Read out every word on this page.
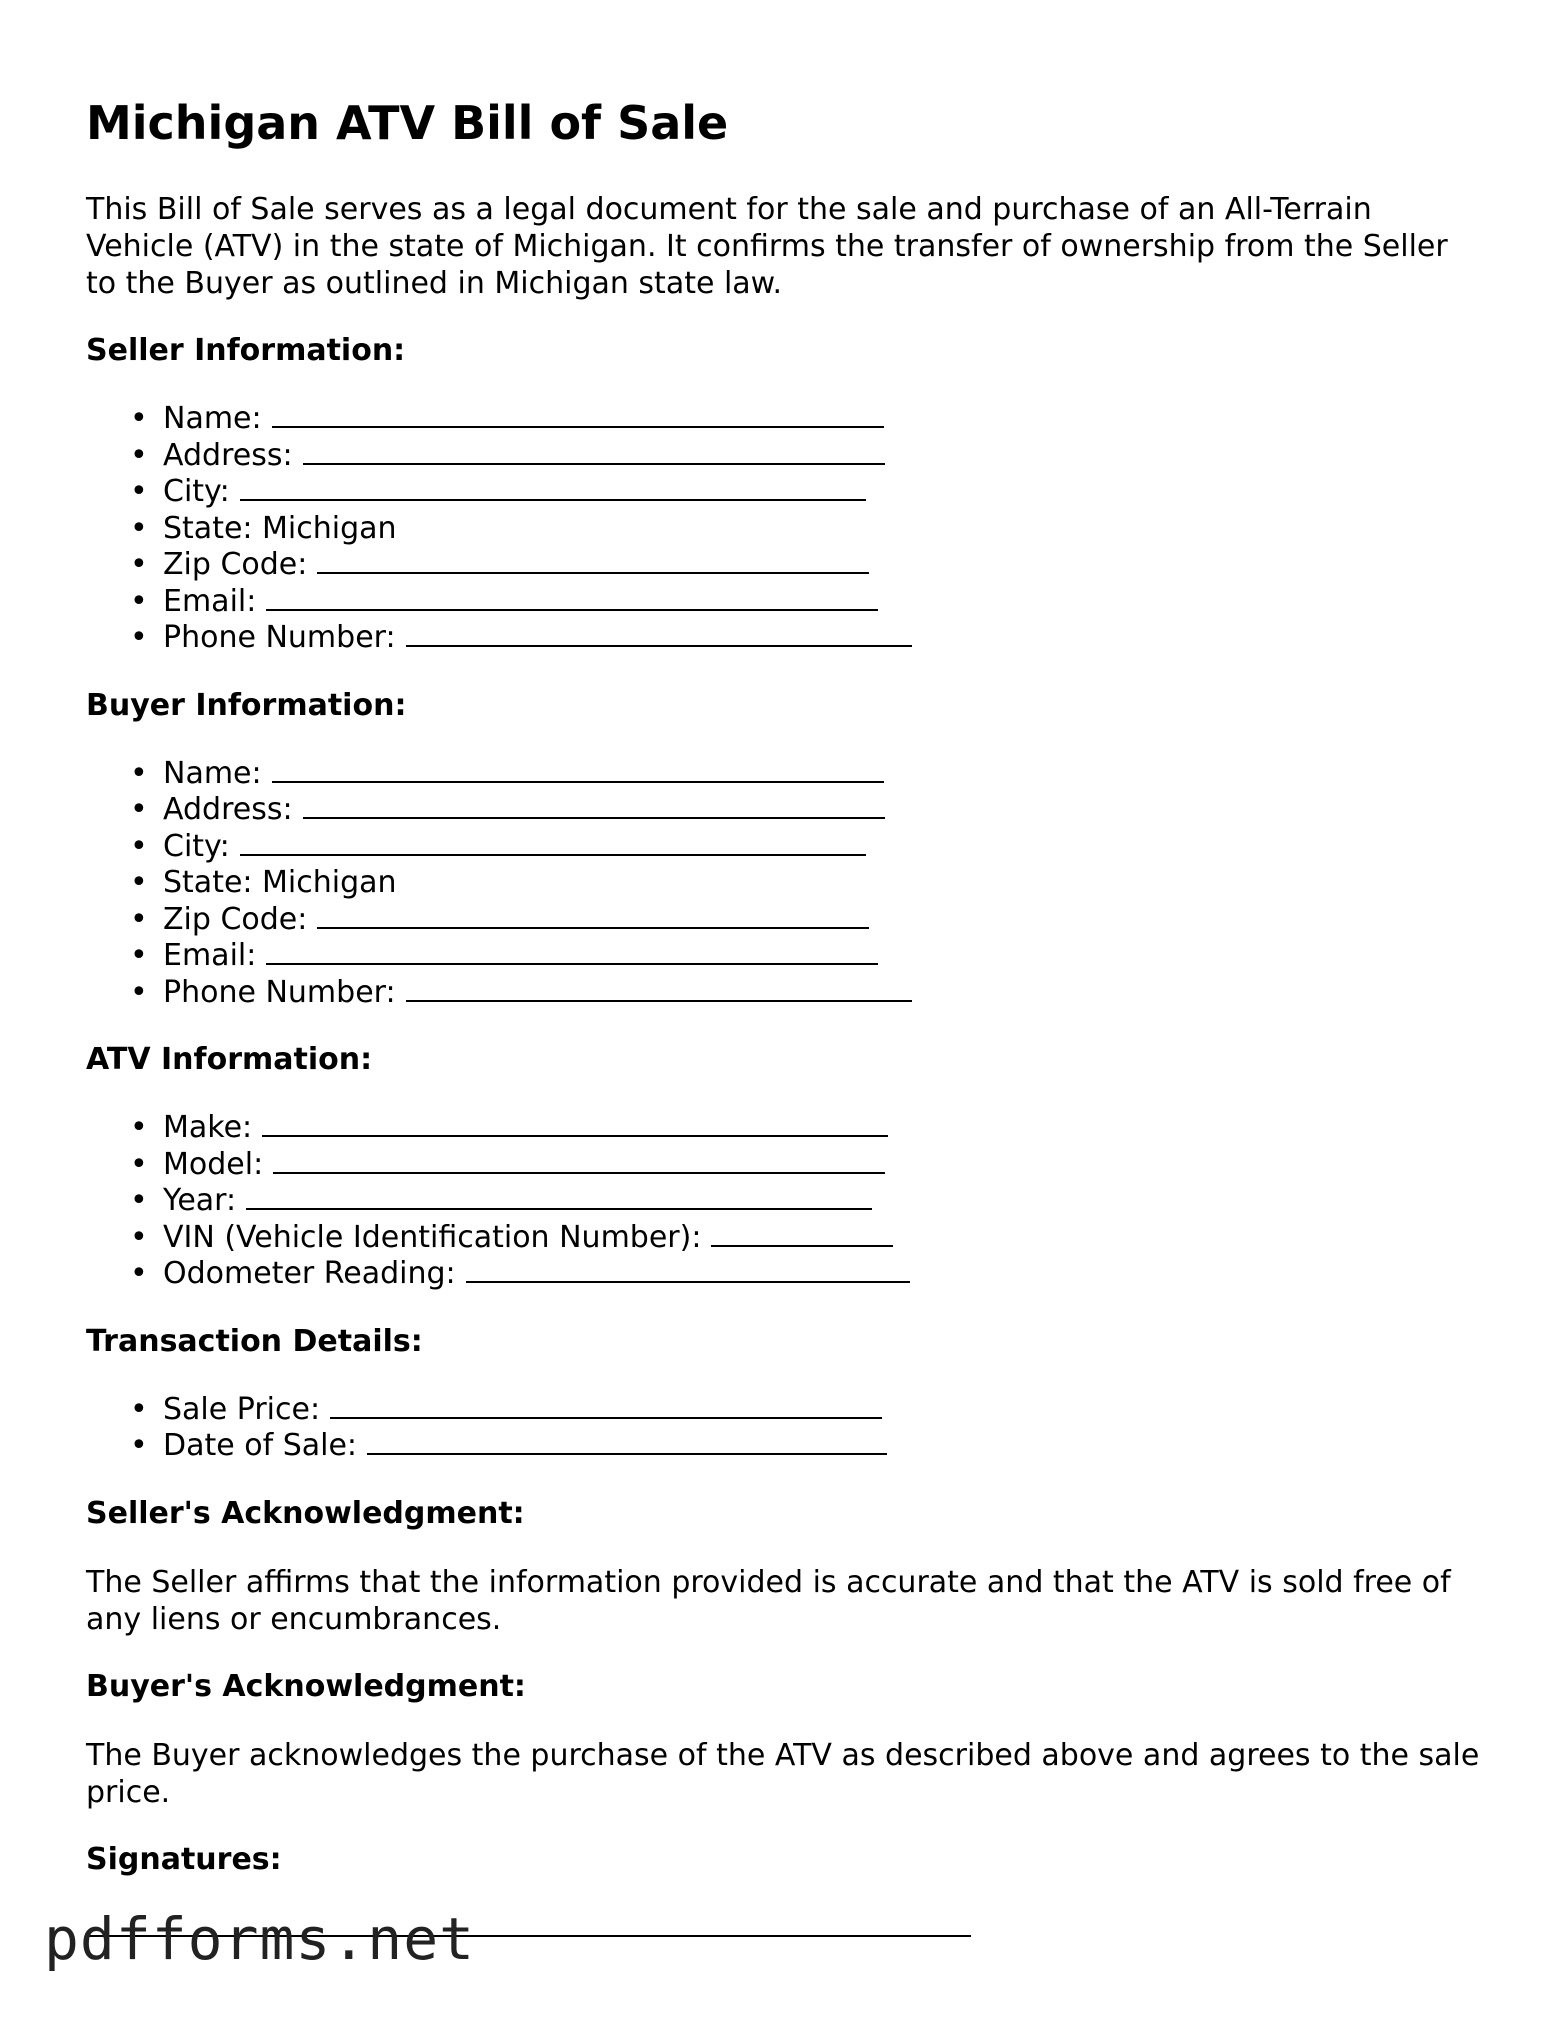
Michigan ATV Bill of Sale

This Bill of Sale serves as a legal document for the sale and purchase of an All-Terrain Vehicle (ATV) in the state of Michigan. It confirms the transfer of ownership from the Seller to the Buyer as outlined in Michigan state law.

Seller Information:
• Name:
• Address:
• City:
• State: Michigan
• Zip Code:
• Email:
• Phone Number:
Buyer Information:
• Name:
• Address:
• City:
• State: Michigan
• Zip Code:
• Email:
• Phone Number:
ATV Information:
• Make:
• Model:
• Year:
• VIN (Vehicle Identification Number):
• Odometer Reading:
Transaction Details:
• Sale Price:
• Date of Sale:
Seller's Acknowledgment:

The Seller affirms that the information provided is accurate and that the ATV is sold free of any liens or encumbrances.

Buyer's Acknowledgment:

The Buyer acknowledges the purchase of the ATV as described above and agrees to the sale price.

Signatures:
pdfforms.net
